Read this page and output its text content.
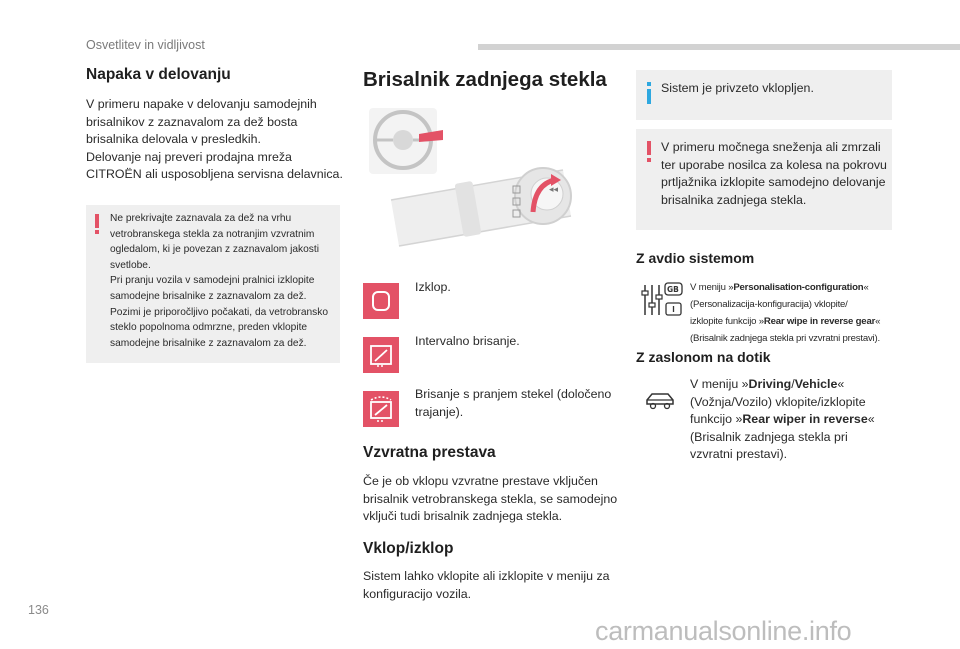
Osvetlitev in vidljivost
Napaka v delovanju

V primeru napake v delovanju samodejnih
brisalnikov z zaznavalom za dež bosta
brisalnika delovala v presledkih.
Delovanje naj preveri prodajna mreža
CITROËN ali usposobljena servisna delavnica.

Ne prekrivajte zaznavala za dež na vrhu
vetrobranskega stekla za notranjim vzvratnim
ogledalom, ki je povezan z zaznavalom jakosti
svetlobe.
Pri pranju vozila v samodejni pralnici izklopite
samodejne brisalnike z zaznavalom za dež.
Pozimi je priporočljivo počakati, da vetrobransko
steklo popolnoma odmrzne, preden vklopite
samodejne brisalnike z zaznavalom za dež.
Brisalnik zadnjega stekla
◂◂
Izklop.
Intervalno brisanje.
Brisanje s pranjem stekel (določeno
trajanje).
Vzvratna prestava

Če je ob vklopu vzvratne prestave vključen
brisalnik vetrobranskega stekla, se samodejno
vključi tudi brisalnik zadnjega stekla.

Vklop/izklop

Sistem lahko vklopite ali izklopite v meniju za
konfiguracijo vozila.

Sistem je privzeto vklopljen.
V primeru močnega sneženja ali zmrzali
ter uporabe nosilca za kolesa na pokrovu
prtljažnika izklopite samodejno delovanje
brisalnika zadnjega stekla.
Z avdio sistemom
GB V meniju »Personalisation-configuration«
(Personalizacija-konfiguracija) vklopite/
izklopite funkcijo »Rear wipe in reverse gear«
(Brisalnik zadnjega stekla pri vzvratni prestavi).
Z zaslonom na dotik
V meniju »Driving/Vehicle«
(Vožnja/Vozilo) vklopite/izklopite
funkcijo »Rear wiper in reverse«
(Brisalnik zadnjega stekla pri
vzvratni prestavi).
136
carmanualsonline.info
